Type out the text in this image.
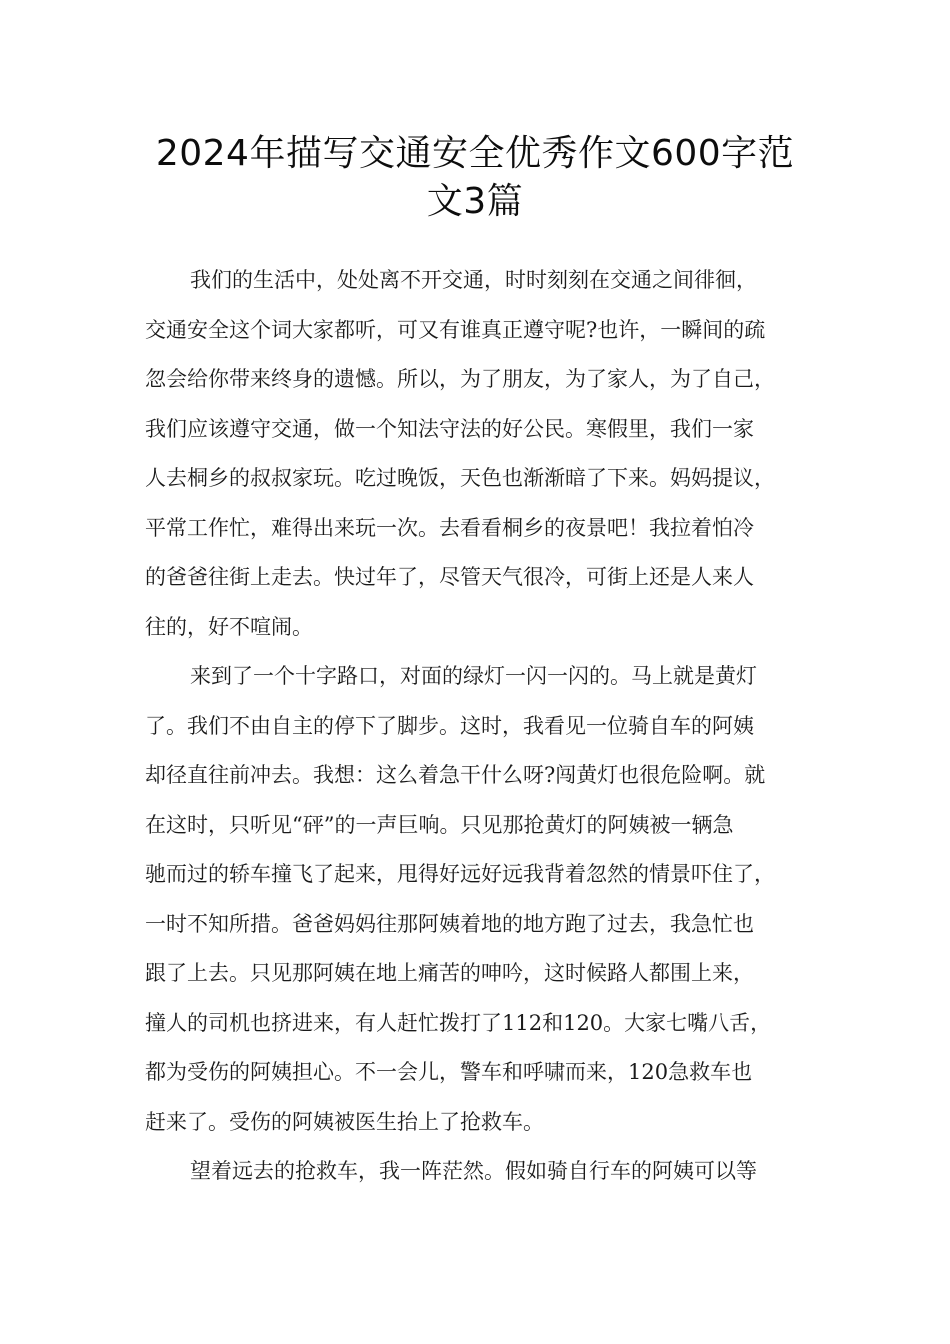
2024年描写交通安全优秀作文600字范
文3篇
我们的生活中，处处离不开交通，时时刻刻在交通之间徘徊，
交通安全这个词大家都听，可又有谁真正遵守呢?也许，一瞬间的疏
忽会给你带来终身的遗憾。所以，为了朋友，为了家人，为了自己，
我们应该遵守交通，做一个知法守法的好公民。寒假里，我们一家
人去桐乡的叔叔家玩。吃过晚饭，天色也渐渐暗了下来。妈妈提议，
平常工作忙，难得出来玩一次。去看看桐乡的夜景吧！我拉着怕冷
的爸爸往街上走去。快过年了，尽管天气很冷，可街上还是人来人
往的，好不喧闹。
来到了一个十字路口，对面的绿灯一闪一闪的。马上就是黄灯
了。我们不由自主的停下了脚步。这时，我看见一位骑自车的阿姨
却径直往前冲去。我想：这么着急干什么呀?闯黄灯也很危险啊。就
在这时，只听见“砰”的一声巨响。只见那抢黄灯的阿姨被一辆急
驰而过的轿车撞飞了起来，甩得好远好远我背着忽然的情景吓住了，
一时不知所措。爸爸妈妈往那阿姨着地的地方跑了过去，我急忙也
跟了上去。只见那阿姨在地上痛苦的呻吟，这时候路人都围上来，
撞人的司机也挤进来，有人赶忙拨打了112和120。大家七嘴八舌，
都为受伤的阿姨担心。不一会儿，警车和呼啸而来，120急救车也
赶来了。受伤的阿姨被医生抬上了抢救车。
望着远去的抢救车，我一阵茫然。假如骑自行车的阿姨可以等
